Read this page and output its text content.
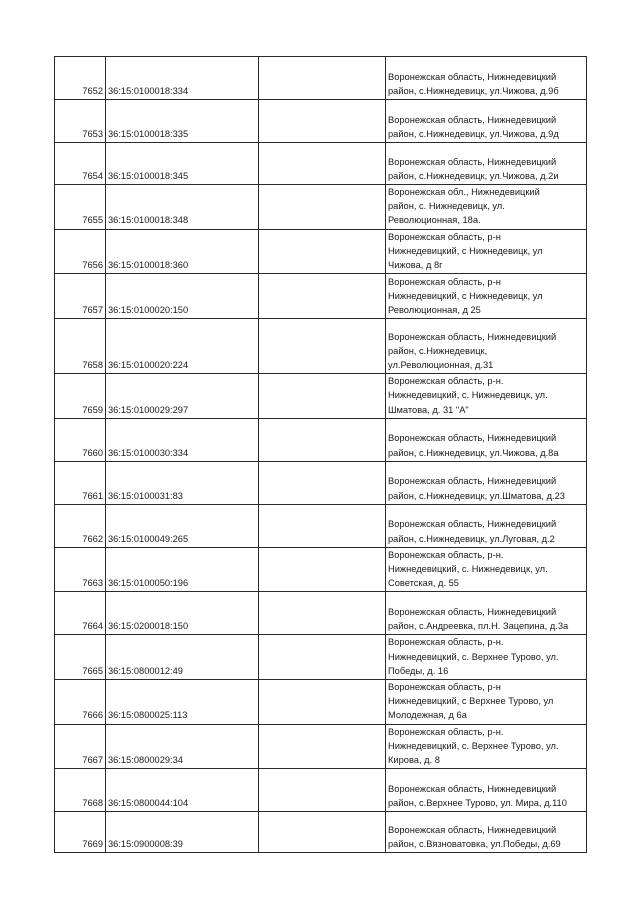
7652	36:15:0100018:334		Воронежская область, Нижнедевицкий
район, с.Нижнедевицк, ул.Чижова, д.9б
7653	36:15:0100018:335		Воронежская область, Нижнедевицкий
район, с.Нижнедевицк, ул.Чижова, д.9д
7654	36:15:0100018:345		Воронежская область, Нижнедевицкий
район, с.Нижнедевицк, ул.Чижова, д.2и
7655	36:15:0100018:348		Воронежская обл., Нижнедевицкий
район, с. Нижнедевицк, ул.
Революционная, 18а.
7656	36:15:0100018:360		Воронежская область, р-н
Нижнедевицкий, с Нижнедевицк, ул
Чижова, д 8г
7657	36:15:0100020:150		Воронежская область, р-н
Нижнедевицкий, с Нижнедевицк, ул
Революционная, д 25
7658	36:15:0100020:224		Воронежская область, Нижнедевицкий
район, с.Нижнедевицк,
ул.Революционная, д.31
7659	36:15:0100029:297		Воронежская область, р-н.
Нижнедевицкий, с. Нижнедевицк, ул.
Шматова, д. 31 "А"
7660	36:15:0100030:334		Воронежская область, Нижнедевицкий
район, с.Нижнедевицк, ул.Чижова, д.8а
7661	36:15:0100031:83		Воронежская область, Нижнедевицкий
район, с.Нижнедевицк, ул.Шматова, д.23
7662	36:15:0100049:265		Воронежская область, Нижнедевицкий
район, с.Нижнедевицк, ул.Луговая, д.2
7663	36:15:0100050:196		Воронежская область, р-н.
Нижнедевицкий, с. Нижнедевицк, ул.
Советская, д. 55
7664	36:15:0200018:150		Воронежская область, Нижнедевицкий
район, с.Андреевка, пл.Н. Зацепина, д.3а
7665	36:15:0800012:49		Воронежская область, р-н.
Нижнедевицкий, с. Верхнее Турово, ул.
Победы, д. 16
7666	36:15:0800025:113		Воронежская область, р-н
Нижнедевицкий, с Верхнее Турово, ул
Молодежная, д 6а
7667	36:15:0800029:34		Воронежская область, р-н.
Нижнедевицкий, с. Верхнее Турово, ул.
Кирова, д. 8
7668	36:15:0800044:104		Воронежская область, Нижнедевицкий
район, с.Верхнее Турово, ул. Мира, д.110
7669	36:15:0900008:39		Воронежская область, Нижнедевицкий
район, с.Вязноватовка, ул.Победы, д.69
